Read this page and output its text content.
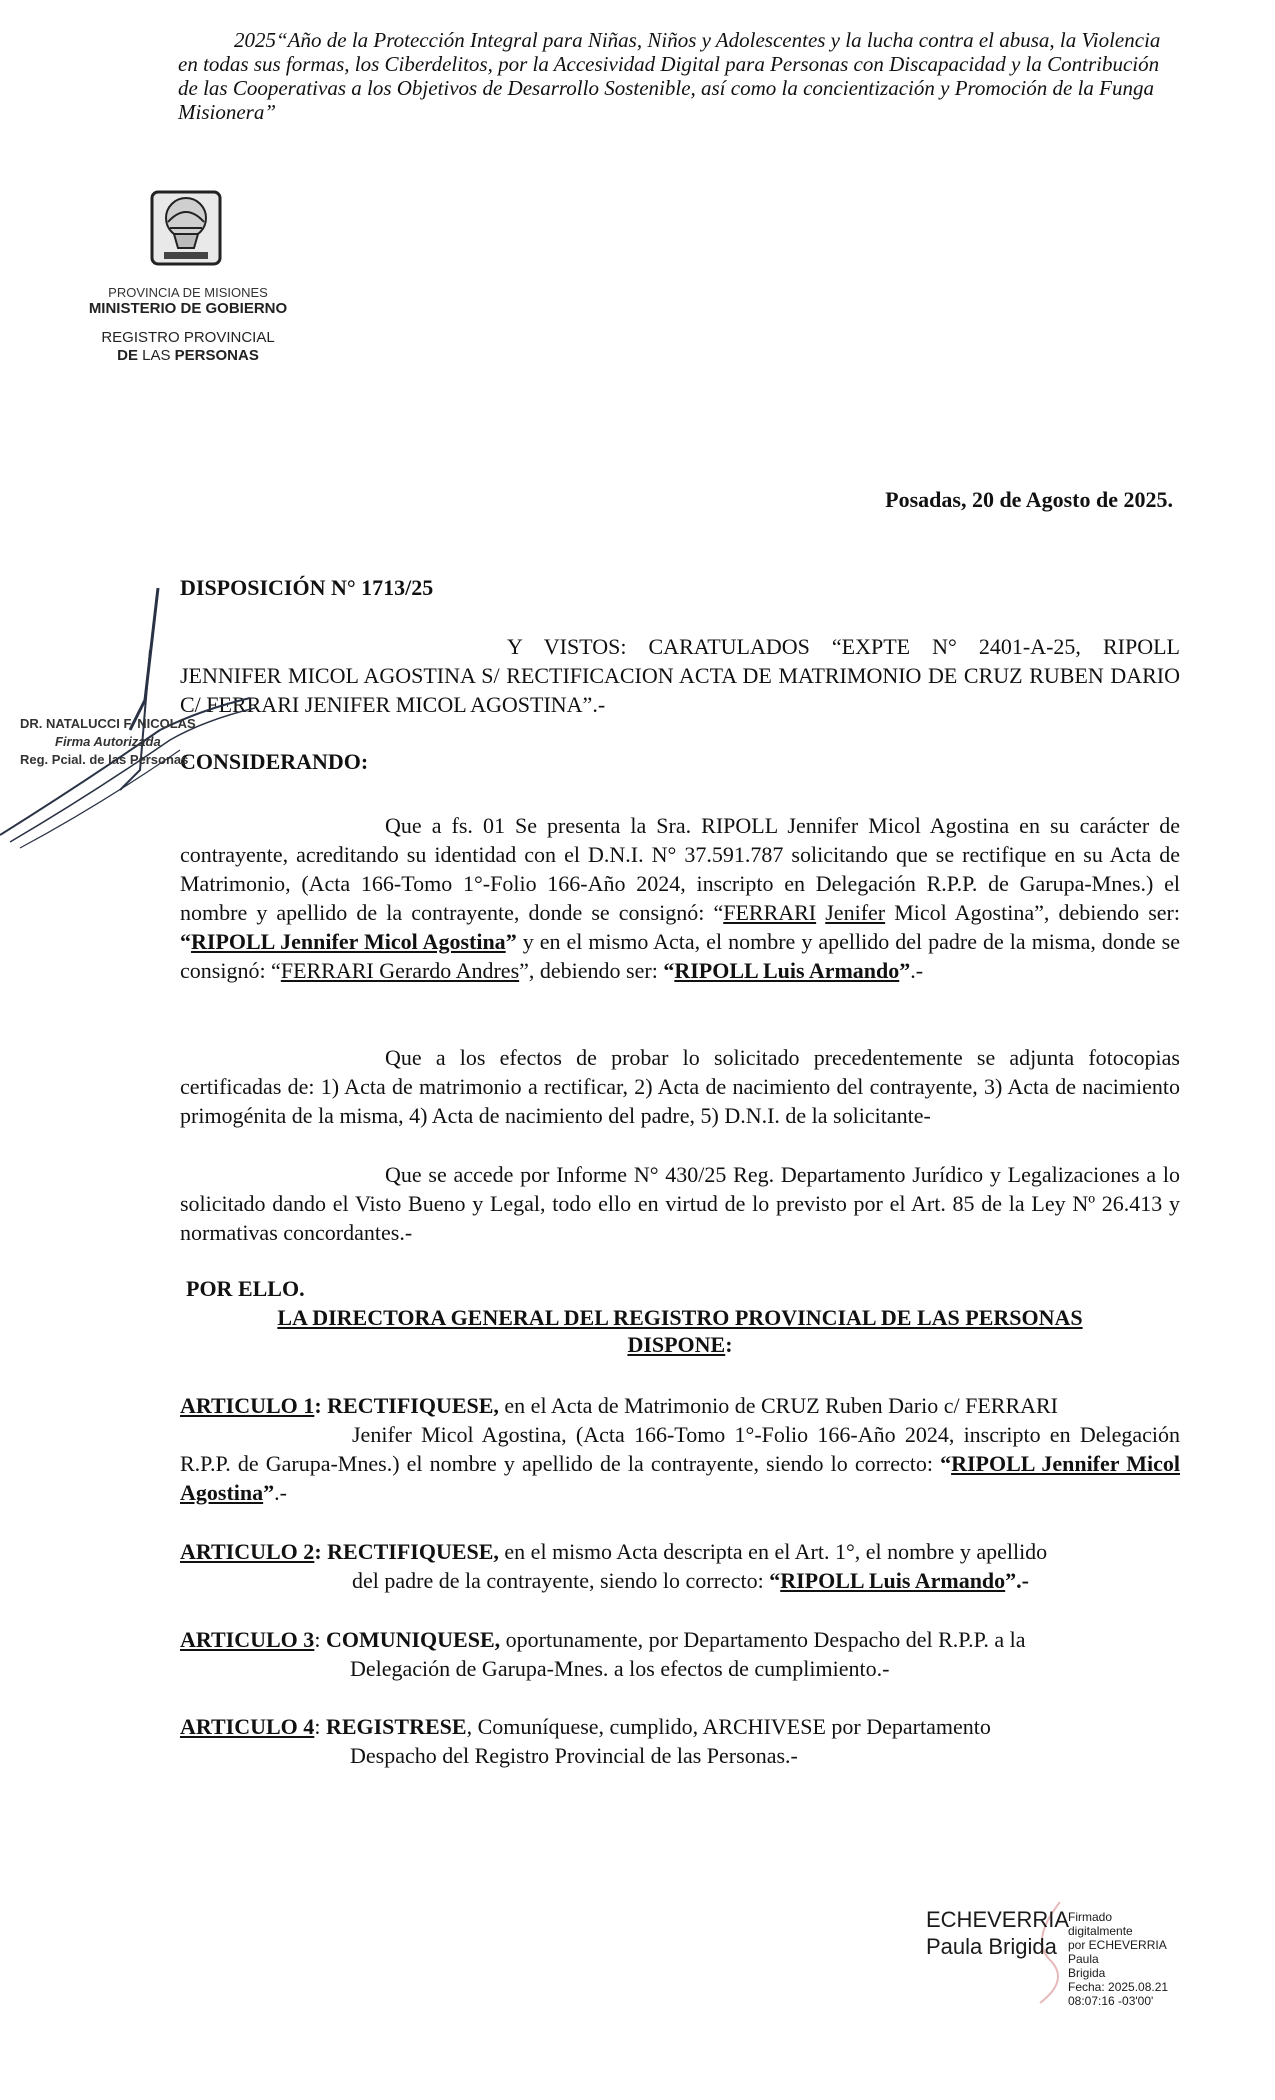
2025“Año de la Protección Integral para Niñas, Niños y Adolescentes y la lucha contra el abusa, la Violencia en todas sus formas, los Ciberdelitos, por la Accesividad Digital para Personas con Discapacidad y la Contribución de las Cooperativas a los Objetivos de Desarrollo Sostenible, así como la concientización y Promoción de la Funga Misionera”
PROVINCIA DE MISIONES
MINISTERIO DE GOBIERNO
REGISTRO PROVINCIAL
DE LAS PERSONAS
Posadas, 20 de Agosto de 2025.
DISPOSICIÓN N° 1713/25
Y VISTOS: CARATULADOS “EXPTE N° 2401-A-25, RIPOLL JENNIFER MICOL AGOSTINA S/ RECTIFICACION ACTA DE MATRIMONIO DE CRUZ RUBEN DARIO C/ FERRARI JENIFER MICOL AGOSTINA”.-
CONSIDERANDO:
Que a fs. 01 Se presenta la Sra. RIPOLL Jennifer Micol Agostina en su carácter de contrayente, acreditando su identidad con el D.N.I. N° 37.591.787 solicitando que se rectifique en su Acta de Matrimonio, (Acta 166-Tomo 1°-Folio 166-Año 2024, inscripto en Delegación R.P.P. de Garupa-Mnes.) el nombre y apellido de la contrayente, donde se consignó: “FERRARI Jenifer Micol Agostina”, debiendo ser: “RIPOLL Jennifer Micol Agostina” y en el mismo Acta, el nombre y apellido del padre de la misma, donde se consignó: “FERRARI Gerardo Andres”, debiendo ser: “RIPOLL Luis Armando”.-
Que a los efectos de probar lo solicitado precedentemente se adjunta fotocopias certificadas de: 1) Acta de matrimonio a rectificar, 2) Acta de nacimiento del contrayente, 3) Acta de nacimiento primogénita de la misma, 4) Acta de nacimiento del padre, 5) D.N.I. de la solicitante-
Que se accede por Informe N° 430/25 Reg. Departamento Jurídico y Legalizaciones a lo solicitado dando el Visto Bueno y Legal, todo ello en virtud de lo previsto por el Art. 85 de la Ley Nº 26.413 y normativas concordantes.-
POR ELLO.
LA DIRECTORA GENERAL DEL REGISTRO PROVINCIAL DE LAS PERSONAS
DISPONE:
ARTICULO 1: RECTIFIQUESE, en el Acta de Matrimonio de CRUZ Ruben Dario c/ FERRARI
Jenifer Micol Agostina, (Acta 166-Tomo 1°-Folio 166-Año 2024, inscripto en Delegación R.P.P. de Garupa-Mnes.) el nombre y apellido de la contrayente, siendo lo correcto: “RIPOLL Jennifer Micol Agostina”.-
ARTICULO 2: RECTIFIQUESE, en el mismo Acta descripta en el Art. 1°, el nombre y apellido
del padre de la contrayente, siendo lo correcto: “RIPOLL Luis Armando”.-
ARTICULO 3: COMUNIQUESE, oportunamente, por Departamento Despacho del R.P.P. a la
Delegación de Garupa-Mnes. a los efectos de cumplimiento.-
ARTICULO 4: REGISTRESE, Comuníquese, cumplido, ARCHIVESE por Departamento
Despacho del Registro Provincial de las Personas.-
DR. NATALUCCI F. NICOLAS
Firma Autorizada
Reg. Pcial. de las Personas
ECHEVERRIA
Paula Brigida
Firmado digitalmente
por ECHEVERRIA Paula
Brigida
Fecha: 2025.08.21
08:07:16 -03'00'
